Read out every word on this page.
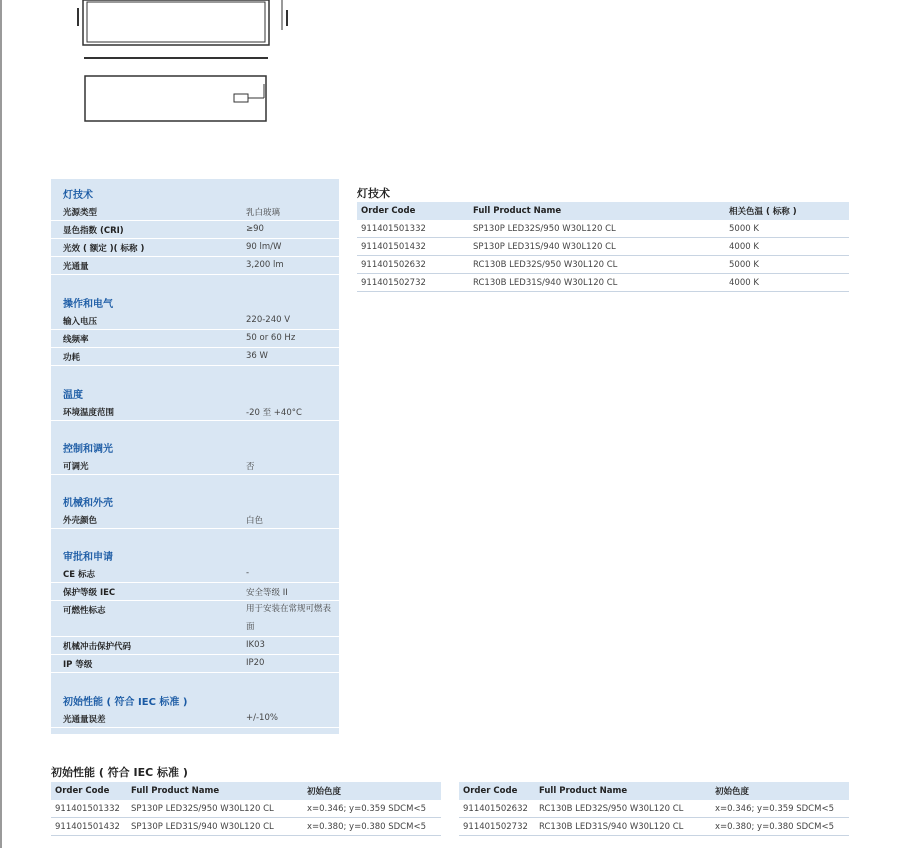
灯技术
光源类型	乳白玻璃
显色指数 (CRI)	≥90
光效 ( 额定 )( 标称 )	90 lm/W
光通量	3,200 lm
操作和电气
输入电压	220-240 V
线频率	50 or 60 Hz
功耗	36 W
温度
环境温度范围	-20 至 +40°C
控制和调光
可调光	否
机械和外壳
外壳颜色	白色
审批和申请
CE 标志	-
保护等级 IEC	安全等级 II
可燃性标志	用于安装在常规可燃表面
机械冲击保护代码	IK03
IP 等级	IP20
初始性能 ( 符合 IEC 标准 )
光通量误差	+/-10%
灯技术
Order Code	Full Product Name	相关色温 ( 标称 )
911401501332	SP130P LED32S/950 W30L120 CL	5000 K
911401501432	SP130P LED31S/940 W30L120 CL	4000 K
911401502632	RC130B LED32S/950 W30L120 CL	5000 K
911401502732	RC130B LED31S/940 W30L120 CL	4000 K
初始性能 ( 符合 IEC 标准 )
Order Code	Full Product Name	初始色度
911401501332	SP130P LED32S/950 W30L120 CL	x=0.346; y=0.359 SDCM<5
911401501432	SP130P LED31S/940 W30L120 CL	x=0.380; y=0.380 SDCM<5
Order Code	Full Product Name	初始色度
911401502632	RC130B LED32S/950 W30L120 CL	x=0.346; y=0.359 SDCM<5
911401502732	RC130B LED31S/940 W30L120 CL	x=0.380; y=0.380 SDCM<5
